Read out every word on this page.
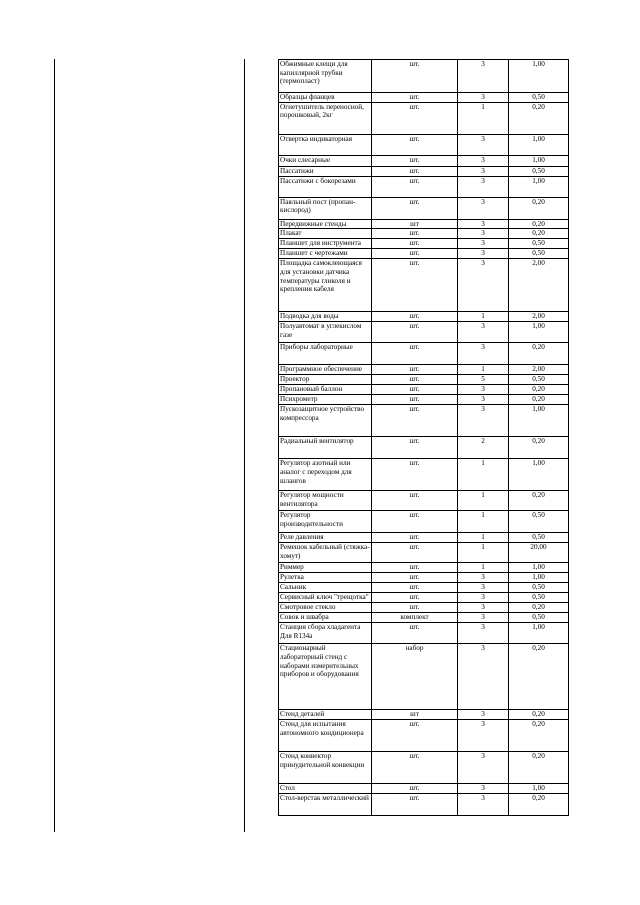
Обжимные клещи для капиллярной трубки (термоплаcт)	шт.	3	1,00
Образцы фланцев	шт.	3	0,50
Огнетушитель переносной, порошковый, 2кг	шт.	1	0,20
Отвертка индикаторная	шт.	3	1,00
Очки слесарные	шт.	3	1,00
Пассатижи	шт.	3	0,50
Пассатижи с бокорезами	шт.	3	1,00
Паяльный пост (пропан-кислород)	шт.	3	0,20
Передвижные стенды	шт	3	0,20
Плакат	шт.	3	0,20
Планшет для инструмента	шт.	3	0,50
Планшет с чертежами	шт.	3	0,50
Площадка самоклеющаяся для установки датчика температуры гликоля и крепления кабеля	шт.	3	2,00
Подводка для воды	шт.	1	2,00
Полуавтомат в углекислом газе	шт.	3	1,00
Приборы лабораторные	шт.	3	0,20
Программное обеспечение	шт.	1	2,00
Проектор	шт.	5	0,50
Пропановый баллон	шт.	3	0,20
Психрометр	шт.	3	0,20
Пускозащитное устройство компрессора	шт.	3	1,00
Радиальный вентилятор	шт.	2	0,20
Регулятор азотный или аналог с переходом для шлангов	шт.	1	1,00
Регулятор мощности вентилятора	шт.	1	0,20
Регулятор производительности	шт.	1	0,50
Реле давления	шт.	1	0,50
Ремешок кабельный (стяжка-хомут)	шт.	1	20,00
Риммер	шт.	1	1,00
Рулетка	шт.	3	1,00
Сальник	шт.	3	0,50
Сервисный ключ "трещотка"	шт.	3	0,50
Смотровое стекло	шт.	3	0,20
Совок и швабра	комплект	3	0,50
Станция сбора хладагента Для R134a	шт.	3	1,00
Стационарный лабораторный стенд с наборами измерительных приборов и оборудования	набор	3	0,20
Стенд деталей	шт	3	0,20
Стенд для испытания автономного кондиционера	шт.	3	0,20
Стенд конвектор принудительной конвекции	шт.	3	0,20
Стол	шт.	3	1,00
Стол-верстак металлический	шт.	3	0,20
